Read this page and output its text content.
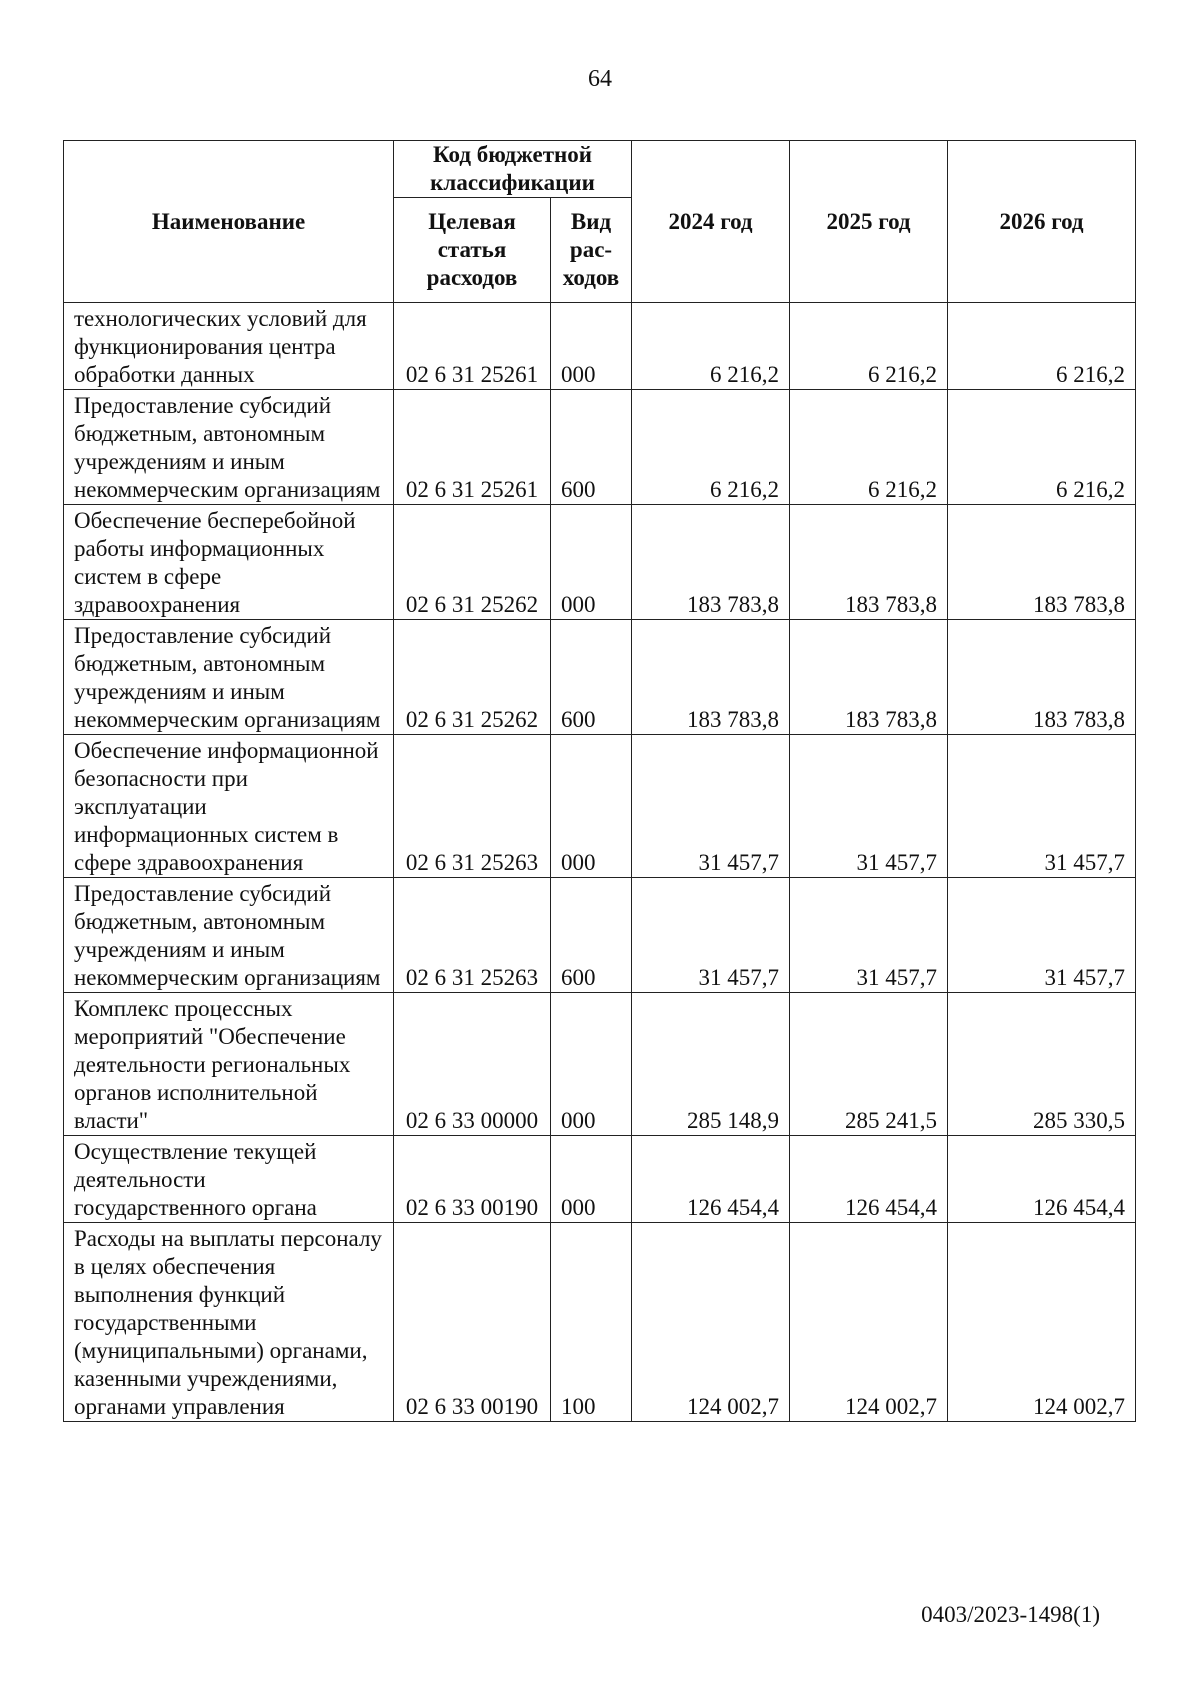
64
Наименование	Код бюджетной классификации		2024 год	2025 год	2026 год
	Целевая статья расходов	Вид рас-ходов			
технологических условий для функционирования центра обработки данных	02 6 31 25261	000	6 216,2	6 216,2	6 216,2
Предоставление субсидий бюджетным, автономным учреждениям и иным некоммерческим организациям	02 6 31 25261	600	6 216,2	6 216,2	6 216,2
Обеспечение бесперебойной работы информационных систем в сфере здравоохранения	02 6 31 25262	000	183 783,8	183 783,8	183 783,8
Предоставление субсидий бюджетным, автономным учреждениям и иным некоммерческим организациям	02 6 31 25262	600	183 783,8	183 783,8	183 783,8
Обеспечение информационной безопасности при эксплуатации информационных систем в сфере здравоохранения	02 6 31 25263	000	31 457,7	31 457,7	31 457,7
Предоставление субсидий бюджетным, автономным учреждениям и иным некоммерческим организациям	02 6 31 25263	600	31 457,7	31 457,7	31 457,7
Комплекс процессных мероприятий "Обеспечение деятельности региональных органов исполнительной власти"	02 6 33 00000	000	285 148,9	285 241,5	285 330,5
Осуществление текущей деятельности государственного органа	02 6 33 00190	000	126 454,4	126 454,4	126 454,4
Расходы на выплаты персоналу в целях обеспечения выполнения функций государственными (муниципальными) органами, казенными учреждениями, органами управления	02 6 33 00190	100	124 002,7	124 002,7	124 002,7
0403/2023-1498(1)
